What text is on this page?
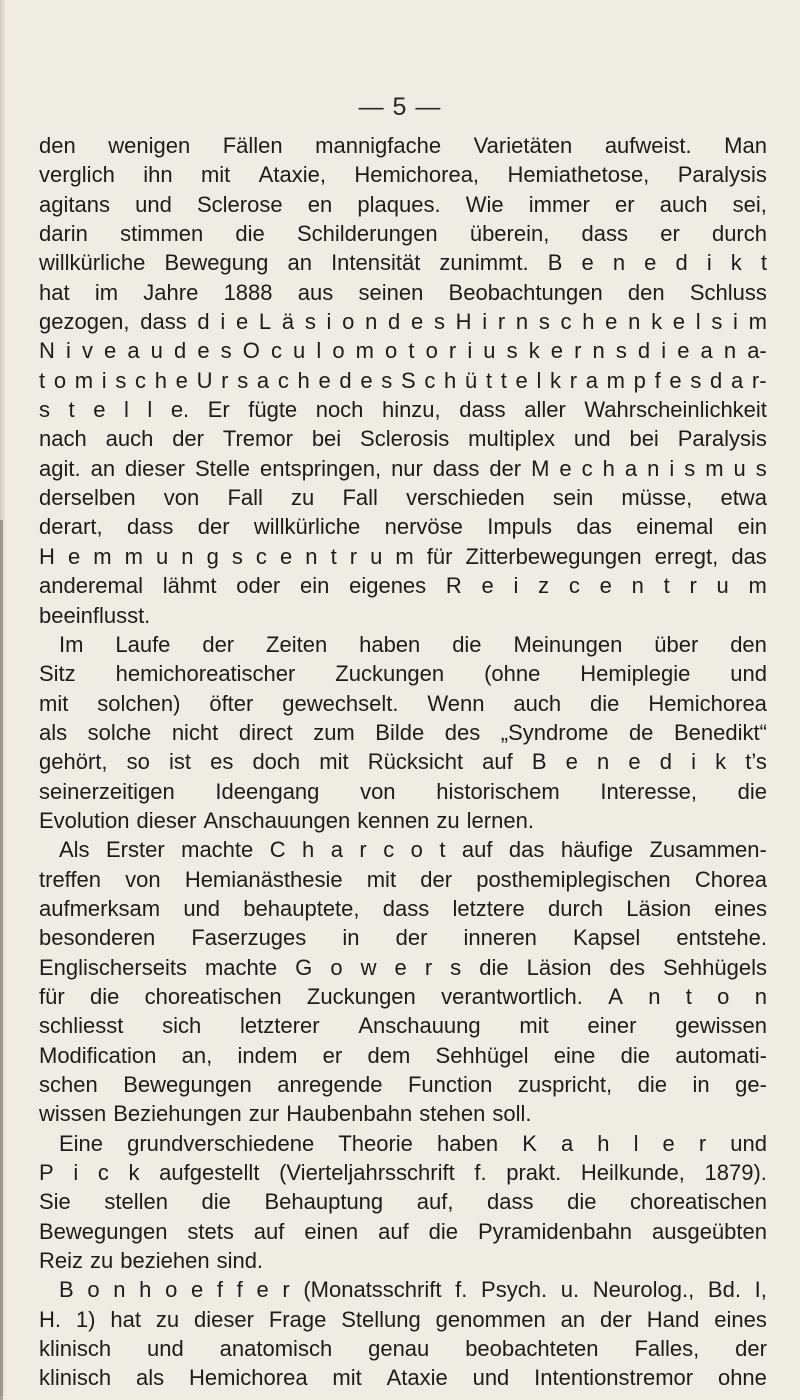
— 5 —
den wenigen Fällen mannigfache Varietäten aufweist. Man
verglich ihn mit Ataxie, Hemichorea, Hemiathetose, Paralysis
agitans und Sclerose en plaques. Wie immer er auch sei,
darin stimmen die Schilderungen überein, dass er durch
willkürliche Bewegung an Intensität zunimmt. B e n e d i k t
hat im Jahre 1888 aus seinen Beobachtungen den Schluss
gezogen, dass d i e L ä s i o n d e s H i r n s c h e n k e l s i m
N i v e a u d e s O c u l o m o t o r i u s k e r n s d i e a n a-
t o m i s c h e U r s a c h e d e s S c h ü t t e l k r a m p f e s d a r-
s t e l l e. Er fügte noch hinzu, dass aller Wahrscheinlichkeit
nach auch der Tremor bei Sclerosis multiplex und bei Paralysis
agit. an dieser Stelle entspringen, nur dass der M e c h a n i s m u s
derselben von Fall zu Fall verschieden sein müsse, etwa
derart, dass der willkürliche nervöse Impuls das einemal ein
H e m m u n g s c e n t r u m für Zitterbewegungen erregt, das
anderemal lähmt oder ein eigenes R e i z c e n t r u m
beeinflusst.
Im Laufe der Zeiten haben die Meinungen über den
Sitz hemichoreatischer Zuckungen (ohne Hemiplegie und
mit solchen) öfter gewechselt. Wenn auch die Hemichorea
als solche nicht direct zum Bilde des „Syndrome de Benedikt“
gehört, so ist es doch mit Rücksicht auf B e n e d i k t’s
seinerzeitigen Ideengang von historischem Interesse, die
Evolution dieser Anschauungen kennen zu lernen.
Als Erster machte C h a r c o t auf das häufige Zusammen-
treffen von Hemianästhesie mit der posthemiplegischen Chorea
aufmerksam und behauptete, dass letztere durch Läsion eines
besonderen Faserzuges in der inneren Kapsel entstehe.
Englischerseits machte G o w e r s die Läsion des Sehhügels
für die choreatischen Zuckungen verantwortlich. A n t o n
schliesst sich letzterer Anschauung mit einer gewissen
Modification an, indem er dem Sehhügel eine die automati-
schen Bewegungen anregende Function zuspricht, die in ge-
wissen Beziehungen zur Haubenbahn stehen soll.
Eine grundverschiedene Theorie haben K a h l e r und
P i c k aufgestellt (Vierteljahrsschrift f. prakt. Heilkunde, 1879).
Sie stellen die Behauptung auf, dass die choreatischen
Bewegungen stets auf einen auf die Pyramidenbahn ausgeübten
Reiz zu beziehen sind.
B o n h o e f f e r (Monatsschrift f. Psych. u. Neurolog., Bd. I,
H. 1) hat zu dieser Frage Stellung genommen an der Hand eines
klinisch und anatomisch genau beobachteten Falles, der
klinisch als Hemichorea mit Ataxie und Intentionstremor ohne
